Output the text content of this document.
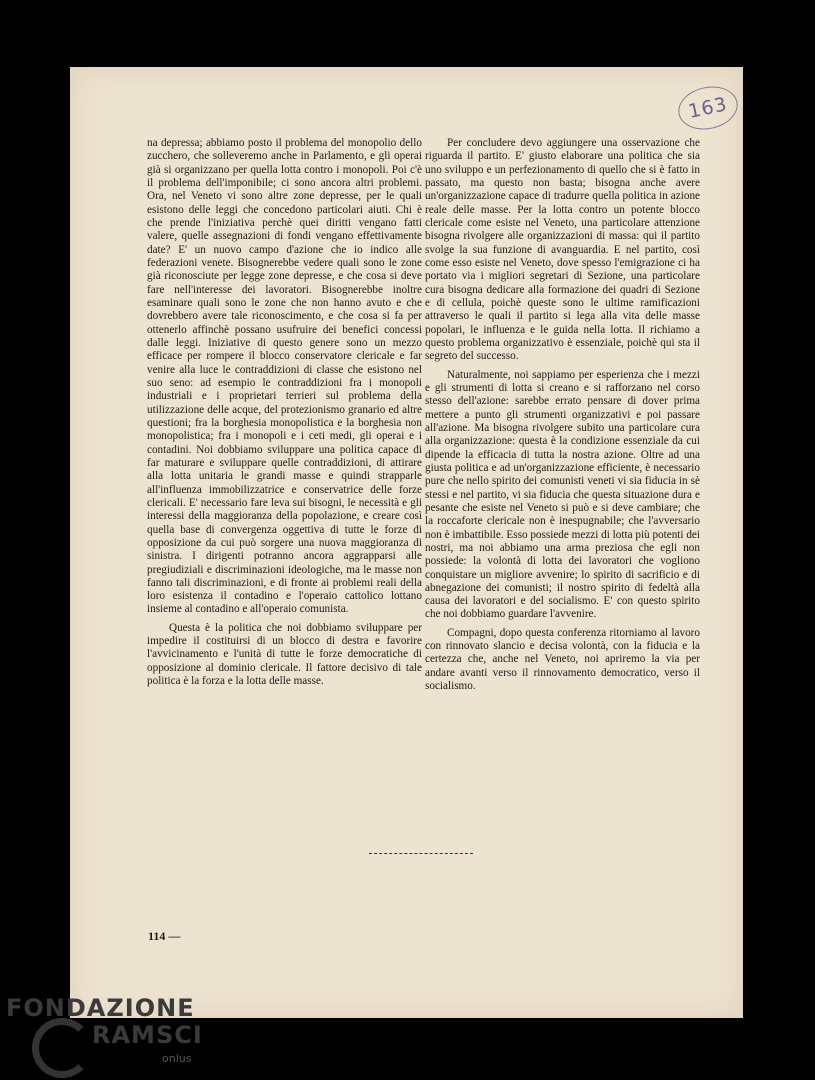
163

na depressa; abbiamo posto il problema del monopolio dello zucchero, che solleveremo anche in Parlamento, e gli operai già si organizzano per quella lotta contro i monopoli. Poi c'è il problema dell'imponibile; ci sono ancora altri problemi. Ora, nel Veneto vi sono altre zone depresse, per le quali esistono delle leggi che concedono particolari aiuti. Chi è che prende l'iniziativa perchè quei diritti vengano fatti valere, quelle assegnazioni di fondi vengano effettivamente date? E' un nuovo campo d'azione che io indico alle federazioni venete. Bisognerebbe vedere quali sono le zone già riconosciute per legge zone depresse, e che cosa si deve fare nell'interesse dei lavoratori. Bisognerebbe inoltre esaminare quali sono le zone che non hanno avuto e che dovrebbero avere tale riconoscimento, e che cosa si fa per ottenerlo affinchè possano usufruire dei benefici concessi dalle leggi. Iniziative di questo genere sono un mezzo efficace per rompere il blocco conservatore clericale e far venire alla luce le contraddizioni di classe che esistono nel suo seno: ad esempio le contraddizioni fra i monopoli industriali e i proprietari terrieri sul problema della utilizzazione delle acque, del protezionismo granario ed altre questioni; fra la borghesia monopolistica e la borghesia non monopolistica; fra i monopoli e i ceti medi, gli operai e i contadini. Noi dobbiamo sviluppare una politica capace di far maturare e sviluppare quelle contraddizioni, di attirare alla lotta unitaria le grandi masse e quindi strapparle all'influenza immobilizzatrice e conservatrice delle forze clericali. E' necessario fare leva sui bisogni, le necessità e gli interessi della maggioranza della popolazione, e creare così quella base di convergenza oggettiva di tutte le forze di opposizione da cui può sorgere una nuova maggioranza di sinistra. I dirigenti potranno ancora aggrapparsi alle pregiudiziali e discriminazioni ideologiche, ma le masse non fanno tali discriminazioni, e di fronte ai problemi reali della loro esistenza il contadino e l'operaio cattolico lottano insieme al contadino e all'operaio comunista.

Questa è la politica che noi dobbiamo sviluppare per impedire il costituirsi di un blocco di destra e favorire l'avvicinamento e l'unità di tutte le forze democratiche di opposizione al dominio clericale. Il fattore decisivo di tale politica è la forza e la lotta delle masse.

Per concludere devo aggiungere una osservazione che riguarda il partito. E' giusto elaborare una politica che sia uno sviluppo e un perfezionamento di quello che si è fatto in passato, ma questo non basta; bisogna anche avere un'organizzazione capace di tradurre quella politica in azione reale delle masse. Per la lotta contro un potente blocco clericale come esiste nel Veneto, una particolare attenzione bisogna rivolgere alle organizzazioni di massa: qui il partito svolge la sua funzione di avanguardia. E nel partito, così come esso esiste nel Veneto, dove spesso l'emigrazione ci ha portato via i migliori segretari di Sezione, una particolare cura bisogna dedicare alla formazione dei quadri di Sezione e di cellula, poichè queste sono le ultime ramificazioni attraverso le quali il partito si lega alla vita delle masse popolari, le influenza e le guida nella lotta. Il richiamo a questo problema organizzativo è essenziale, poichè qui sta il segreto del successo.

Naturalmente, noi sappiamo per esperienza che i mezzi e gli strumenti di lotta si creano e si rafforzano nel corso stesso dell'azione: sarebbe errato pensare di dover prima mettere a punto gli strumenti organizzativi e poi passare all'azione. Ma bisogna rivolgere subito una particolare cura alla organizzazione: questa è la condizione essenziale da cui dipende la efficacia di tutta la nostra azione. Oltre ad una giusta politica e ad un'organizzazione efficiente, è necessario pure che nello spirito dei comunisti veneti vi sia fiducia in sè stessi e nel partito, vi sia fiducia che questa situazione dura e pesante che esiste nel Veneto si può e si deve cambiare; che la roccaforte clericale non è inespugnabile; che l'avversario non è imbattibile. Esso possiede mezzi di lotta più potenti dei nostri, ma noi abbiamo una arma preziosa che egli non possiede: la volontà di lotta dei lavoratori che vogliono conquistare un migliore avvenire; lo spirito di sacrificio e di abnegazione dei comunisti; il nostro spirito di fedeltà alla causa dei lavoratori e del socialismo. E' con questo spirito che noi dobbiamo guardare l'avvenire.

Compagni, dopo questa conferenza ritorniamo al lavoro con rinnovato slancio e decisa volontà, con la fiducia e la certezza che, anche nel Veneto, noi apriremo la via per andare avanti verso il rinnovamento democratico, verso il socialismo.

114 —
FONDAZIONE
RAMSCI
onlus
